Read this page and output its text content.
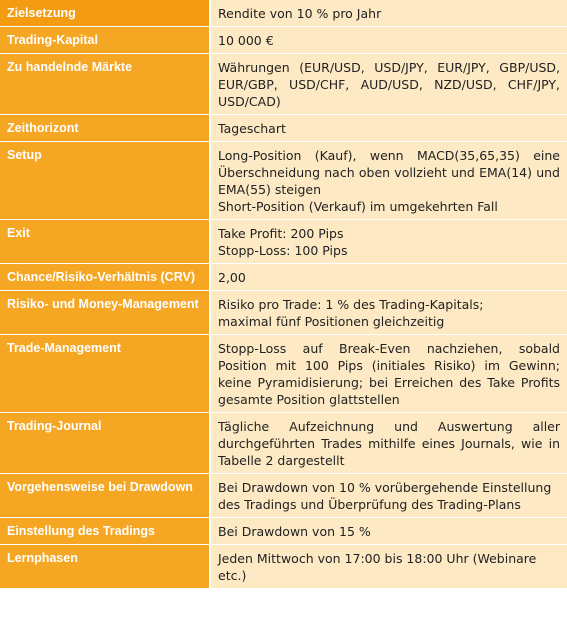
Zielsetzung	Rendite von 10 % pro Jahr

Trading-Kapital	10 000 €

Zu handelnde Märkte	Währungen (EUR/USD, USD/JPY, EUR/JPY, GBP/USD, EUR/GBP, USD/CHF, AUD/USD, NZD/USD, CHF/JPY, USD/CAD)

Zeithorizont	Tageschart

Setup	Long-Position (Kauf), wenn MACD(35,65,35) eine Überschneidung nach oben vollzieht und EMA(14) und EMA(55) steigen
Short-Position (Verkauf) im umgekehrten Fall

Exit	Take Profit: 200 Pips
Stopp-Loss: 100 Pips

Chance/Risiko-Verhältnis (CRV)	2,00

Risiko- und Money-Management	Risiko pro Trade: 1 % des Trading-Kapitals;
maximal fünf Positionen gleichzeitig

Trade-Management	Stopp-Loss auf Break-Even nachziehen, sobald Position mit 100 Pips (initiales Risiko) im Gewinn; keine Pyramidisierung; bei Erreichen des Take Profits gesamte Position glattstellen

Trading-Journal	Tägliche Aufzeichnung und Auswertung aller durchgeführten Trades mithilfe eines Journals, wie in Tabelle 2 dargestellt

Vorgehensweise bei Drawdown	Bei Drawdown von 10 % vorübergehende Einstellung des Tradings und Überprüfung des Trading-Plans

Einstellung des Tradings	Bei Drawdown von 15 %

Lernphasen	Jeden Mittwoch von 17:00 bis 18:00 Uhr (Webinare etc.)
